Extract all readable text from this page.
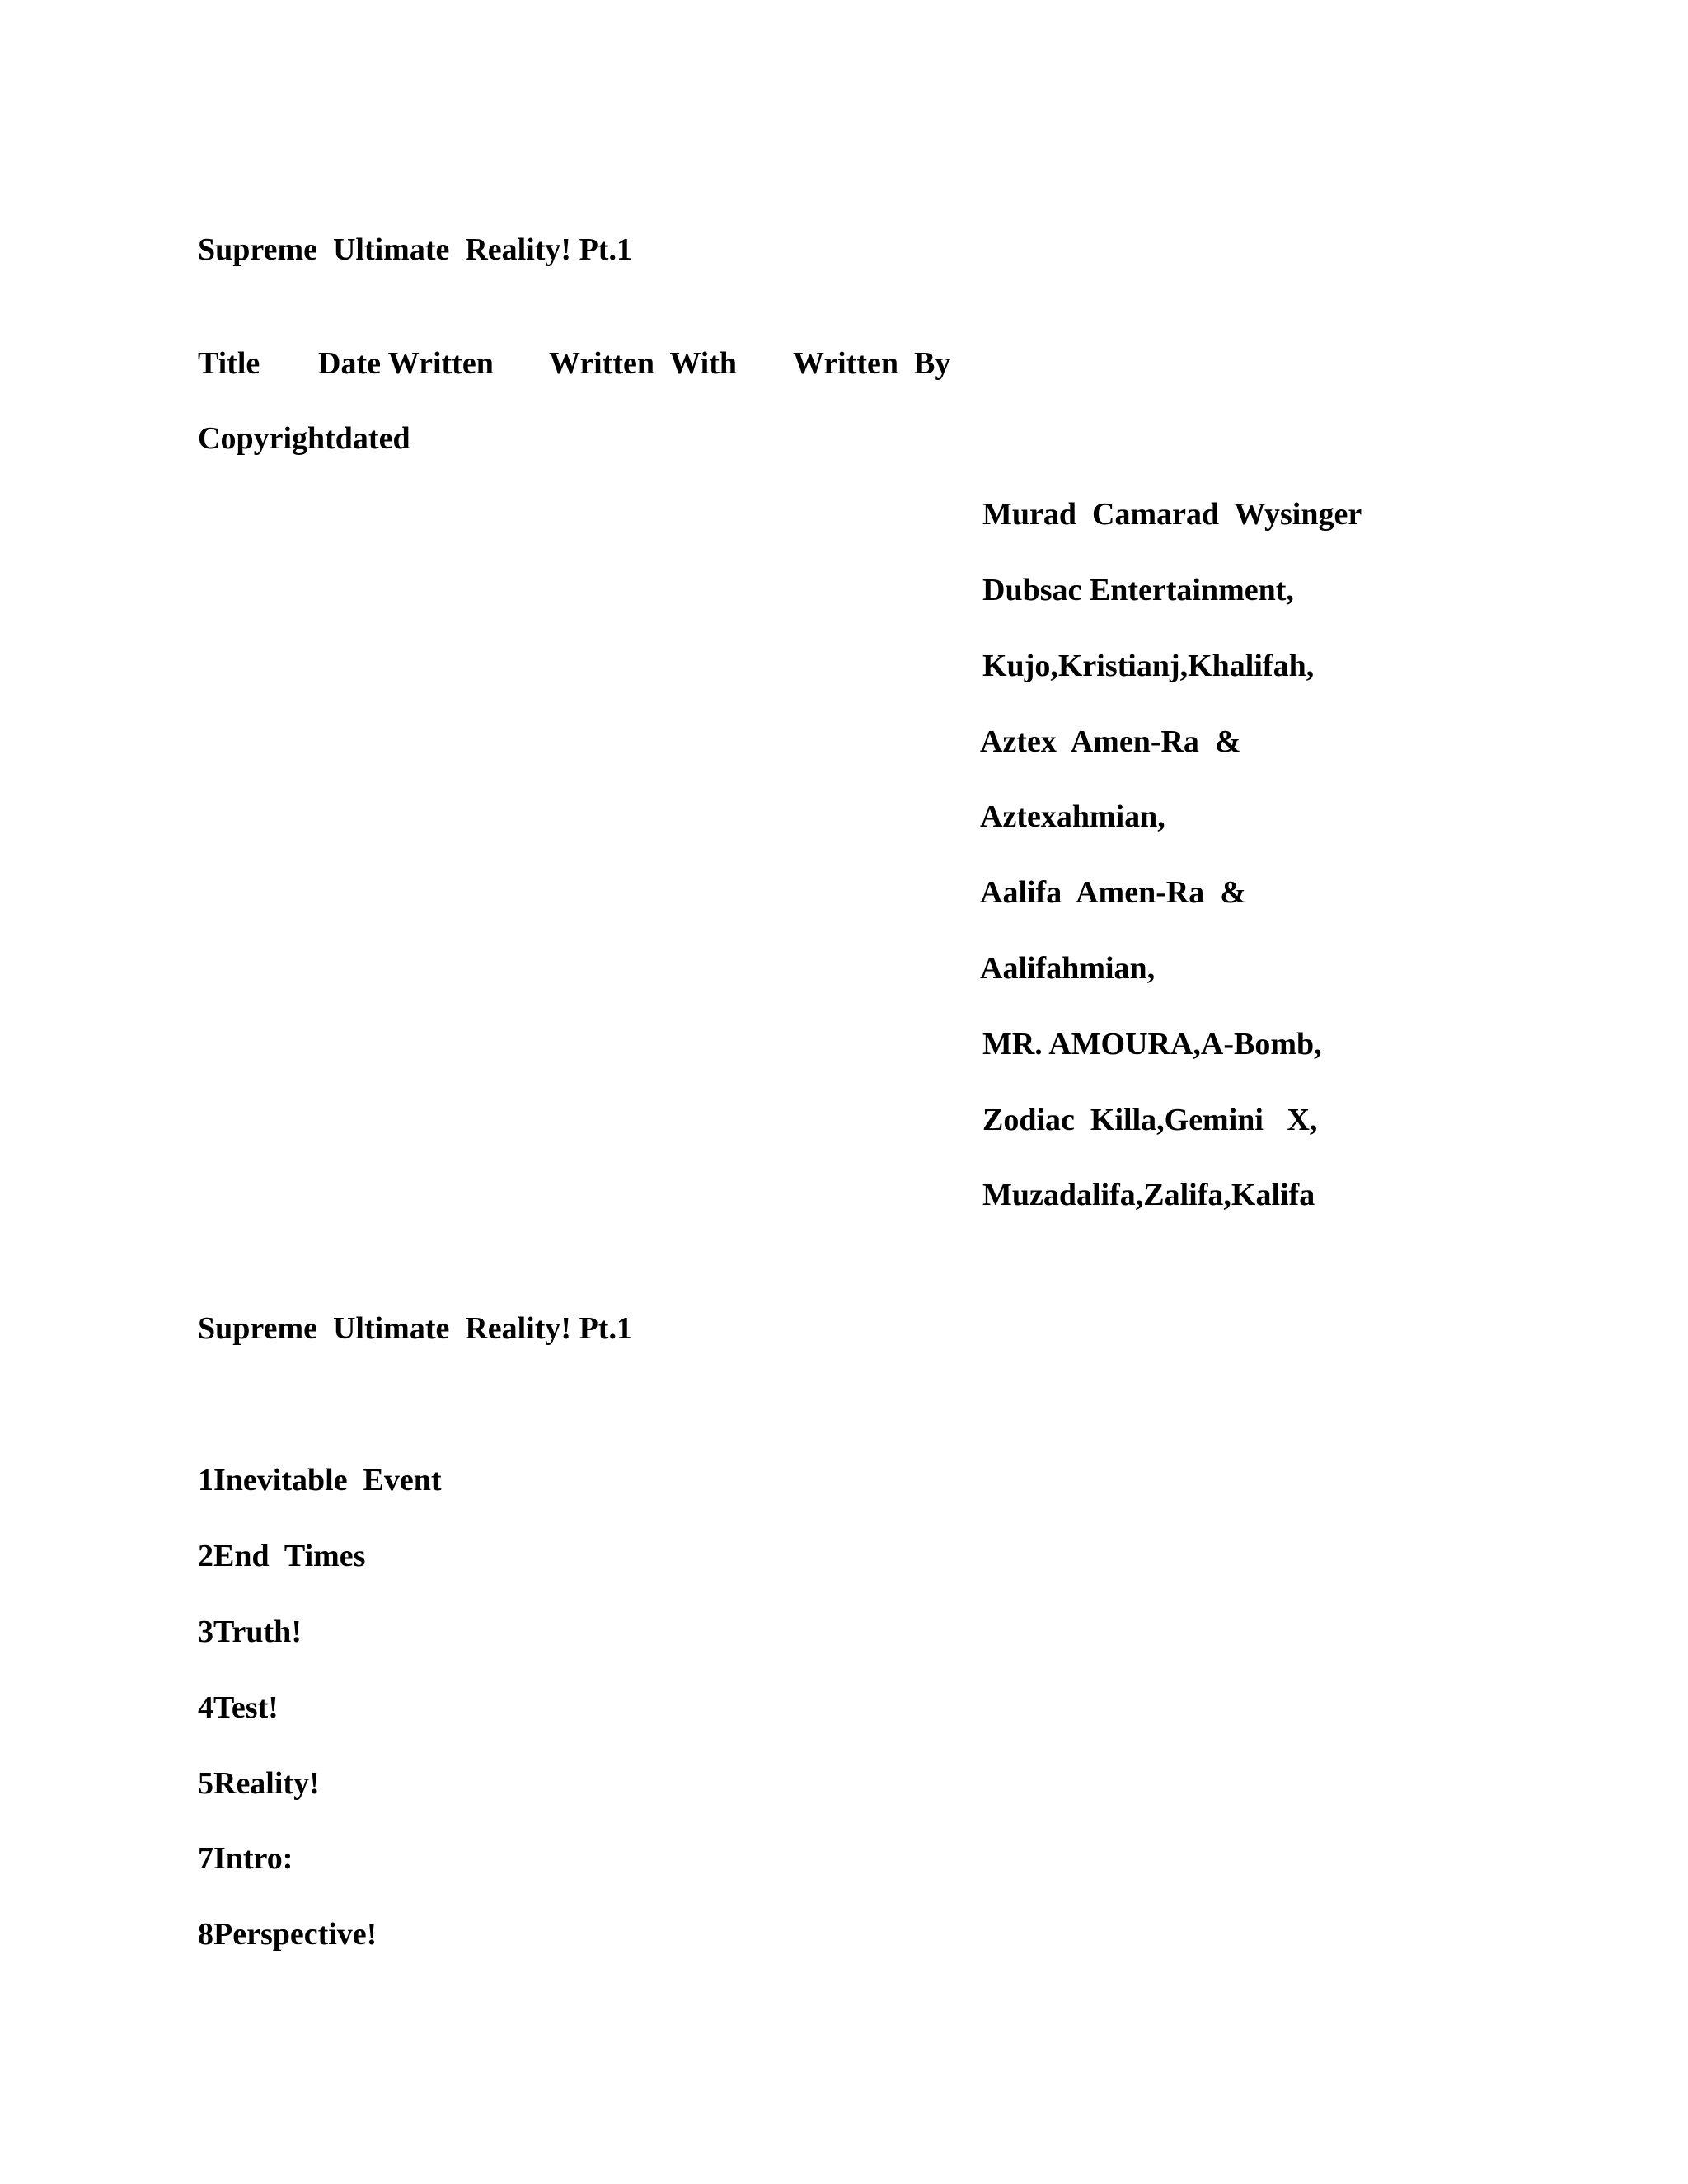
Supreme  Ultimate  Reality! Pt.1
Title Date Written Written  With Written  By
Copyrightdated
Murad  Camarad  Wysinger
Dubsac Entertainment,
Kujo,Kristianj,Khalifah,
Aztex  Amen-Ra  &
Aztexahmian,
Aalifa  Amen-Ra  &
Aalifahmian,
MR. AMOURA,A-Bomb,
Zodiac  Killa,Gemini   X,
Muzadalifa,Zalifa,Kalifa
Supreme  Ultimate  Reality! Pt.1
1Inevitable  Event
2End  Times
3Truth!
4Test!
5Reality!
7Intro:
8Perspective!
